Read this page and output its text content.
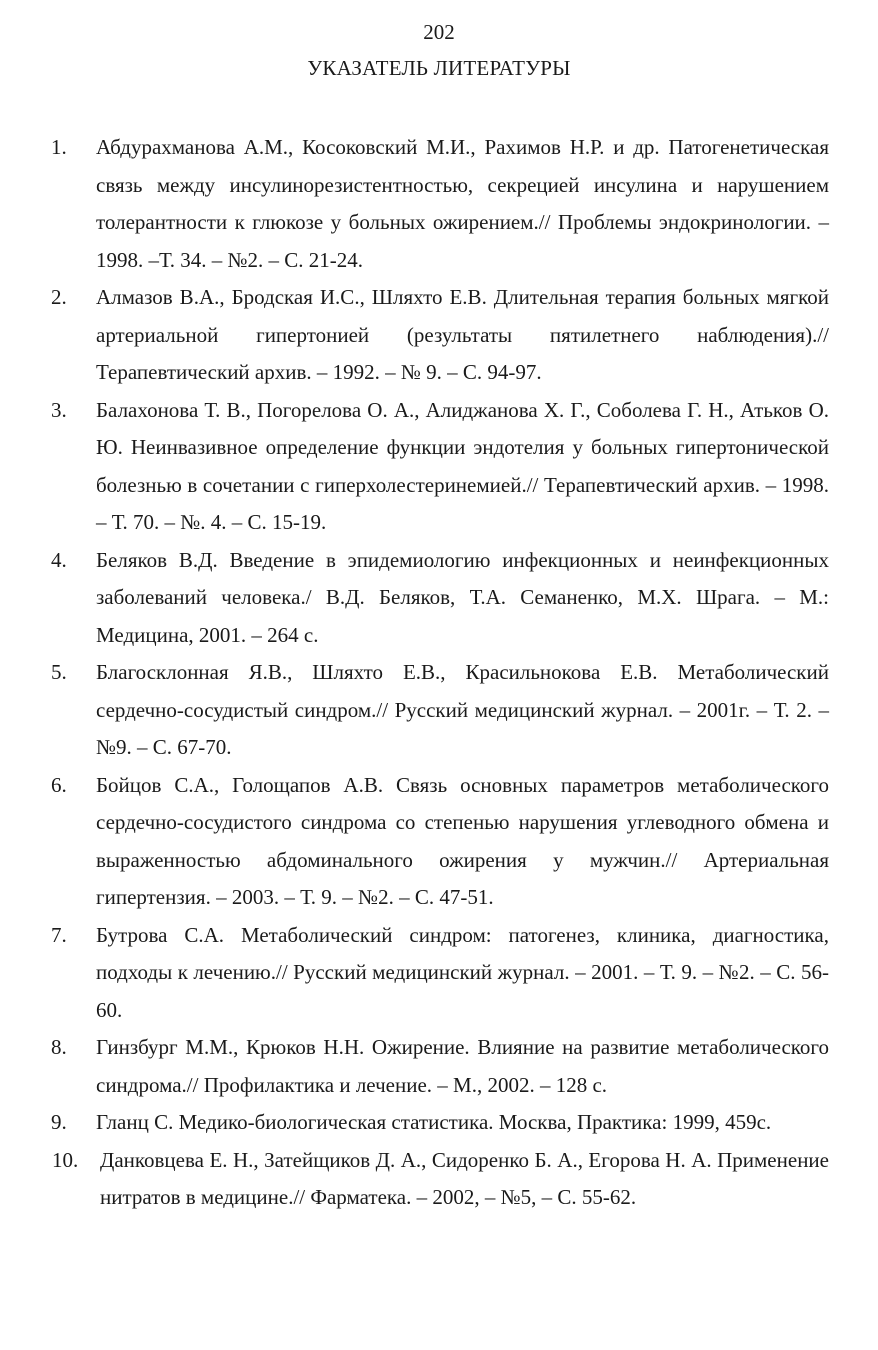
202
УКАЗАТЕЛЬ ЛИТЕРАТУРЫ
1. Абдурахманова А.М., Косоковский М.И., Рахимов Н.Р. и др. Патогенетическая связь между инсулинорезистентностью, секрецией инсулина и нарушением толерантности к глюкозе у больных ожирением.// Проблемы эндокринологии. – 1998. –Т. 34. – №2. – С. 21-24.
2. Алмазов В.А., Бродская И.С., Шляхто Е.В. Длительная терапия больных мягкой артериальной гипертонией (результаты пятилетнего наблюдения).// Терапевтический архив. – 1992. – № 9. – С. 94-97.
3. Балахонова Т. В., Погорелова О. А., Алиджанова Х. Г., Соболева Г. Н., Атьков О. Ю. Неинвазивное определение функции эндотелия у больных гипертонической болезнью в сочетании с гиперхолестеринемией.// Терапевтический архив. – 1998. – Т. 70. – №. 4. – С. 15-19.
4. Беляков В.Д. Введение в эпидемиологию инфекционных и неинфекционных заболеваний человека./ В.Д. Беляков, Т.А. Семаненко, М.Х. Шрага. – М.: Медицина, 2001. – 264 с.
5. Благосклонная Я.В., Шляхто Е.В., Красильнокова Е.В. Метаболический сердечно-сосудистый синдром.// Русский медицинский журнал. – 2001г. – Т. 2. – №9. – С. 67-70.
6. Бойцов С.А., Голощапов А.В. Связь основных параметров метаболического сердечно-сосудистого синдрома со степенью нарушения углеводного обмена и выраженностью абдоминального ожирения у мужчин.// Артериальная гипертензия. – 2003. – Т. 9. – №2. – С. 47-51.
7. Бутрова С.А. Метаболический синдром: патогенез, клиника, диагностика, подходы к лечению.// Русский медицинский журнал. – 2001. – Т. 9. – №2. – С. 56-60.
8. Гинзбург М.М., Крюков Н.Н. Ожирение. Влияние на развитие метаболического синдрома.// Профилактика и лечение. – М., 2002. – 128 с.
9. Гланц С. Медико-биологическая статистика. Москва, Практика: 1999, 459с.
10. Данковцева Е. Н., Затейщиков Д. А., Сидоренко Б. А., Егорова Н. А. Применение нитратов в медицине.// Фарматека. – 2002, – №5, – С. 55-62.
